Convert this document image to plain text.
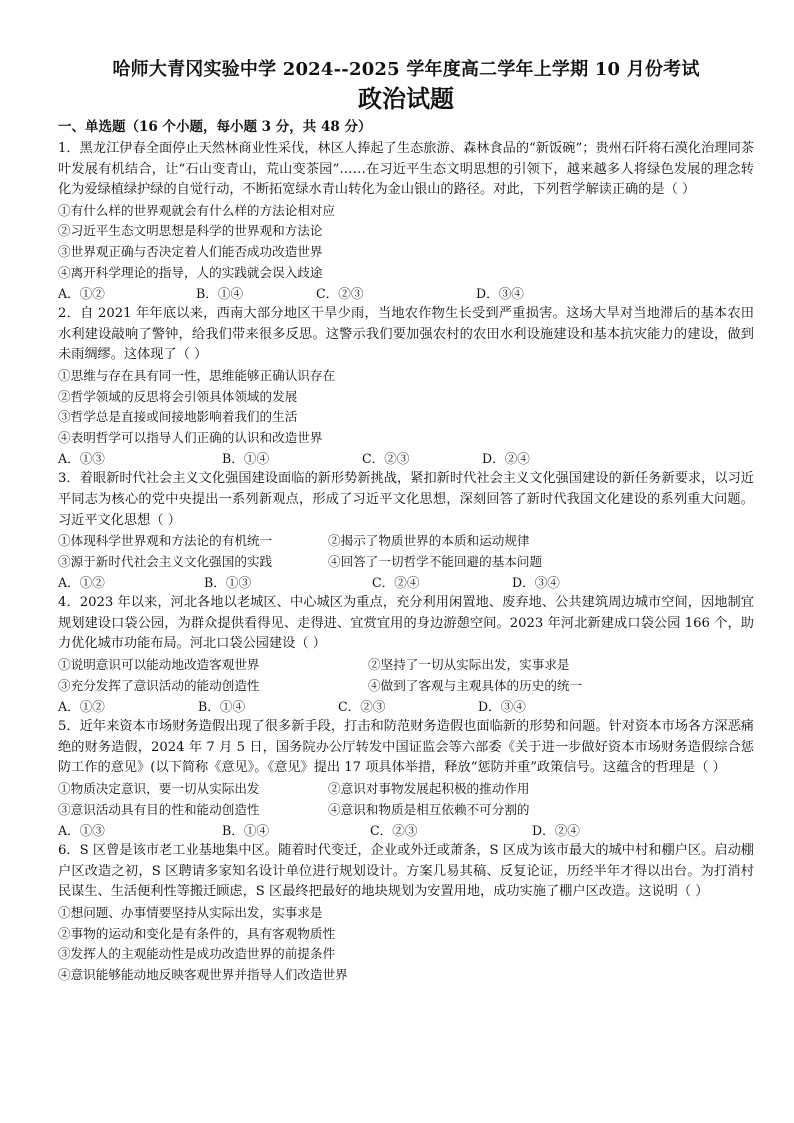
哈师大青冈实验中学 2024--2025 学年度高二学年上学期 10 月份考试
政治试题
一、单选题（16 个小题，每小题 3 分，共 48 分）
1．黑龙江伊春全面停止天然林商业性采伐，林区人捧起了生态旅游、森林食品的“新饭碗”；贵州石阡将石漠化治理同茶叶发展有机结合，让“石山变青山，荒山变茶园”……在习近平生态文明思想的引领下，越来越多人将绿色发展的理念转化为爱绿植绿护绿的自觉行动，不断拓宽绿水青山转化为金山银山的路径。对此，下列哲学解读正确的是（ ）
①有什么样的世界观就会有什么样的方法论相对应
②习近平生态文明思想是科学的世界观和方法论
③世界观正确与否决定着人们能否成功改造世界
④离开科学理论的指导，人的实践就会误入歧途
A．①②	B．①④	C．②③	D．③④
2．自 2021 年年底以来，西南大部分地区干旱少雨，当地农作物生长受到严重损害。这场大旱对当地滞后的基本农田水利建设敲响了警钟，给我们带来很多反思。这警示我们要加强农村的农田水利设施建设和基本抗灾能力的建设，做到未雨绸缪。这体现了（ ）
①思维与存在具有同一性，思维能够正确认识存在
②哲学领域的反思将会引领具体领域的发展
③哲学总是直接或间接地影响着我们的生活
④表明哲学可以指导人们正确的认识和改造世界
A．①③	B．①④	C．②③	D．②④
3．着眼新时代社会主义文化强国建设面临的新形势新挑战，紧扣新时代社会主义文化强国建设的新任务新要求，以习近平同志为核心的党中央提出一系列新观点，形成了习近平文化思想，深刻回答了新时代我国文化建设的系列重大问题。习近平文化思想（ ）
①体现科学世界观和方法论的有机统一	②揭示了物质世界的本质和运动规律
③源于新时代社会主义文化强国的实践	④回答了一切哲学不能回避的基本问题
A．①②	B．①③	C．②④	D．③④
4．2023 年以来，河北各地以老城区、中心城区为重点，充分利用闲置地、废弃地、公共建筑周边城市空间，因地制宜规划建设口袋公园，为群众提供看得见、走得进、宜赏宜用的身边游憩空间。2023 年河北新建成口袋公园 166 个，助力优化城市功能布局。河北口袋公园建设（ ）
①说明意识可以能动地改造客观世界	②坚持了一切从实际出发，实事求是
③充分发挥了意识活动的能动创造性	④做到了客观与主观具体的历史的统一
A．①②	B．①④	C．②③	D．③④
5．近年来资本市场财务造假出现了很多新手段，打击和防范财务造假也面临新的形势和问题。针对资本市场各方深恶痛绝的财务造假，2024 年 7 月 5 日，国务院办公厅转发中国证监会等六部委《关于进一步做好资本市场财务造假综合惩防工作的意见》(以下简称《意见》。《意见》提出 17 项具体举措，释放“惩防并重”政策信号。这蕴含的哲理是（ ）
①物质决定意识，要一切从实际出发	②意识对事物发展起积极的推动作用
③意识活动具有目的性和能动创造性	④意识和物质是相互依赖不可分割的
A．①③	B．①④	C．②③	D．②④
6．S 区曾是该市老工业基地集中区。随着时代变迁，企业或外迁或萧条，S 区成为该市最大的城中村和棚户区。启动棚户区改造之初，S 区聘请多家知名设计单位进行规划设计。方案几易其稿、反复论证，历经半年才得以出台。为打消村民谋生、生活便利性等搬迁顾虑，S 区最终把最好的地块规划为安置用地，成功实施了棚户区改造。这说明（ ）
①想问题、办事情要坚持从实际出发，实事求是
②事物的运动和变化是有条件的，具有客观物质性
③发挥人的主观能动性是成功改造世界的前提条件
④意识能够能动地反映客观世界并指导人们改造世界
